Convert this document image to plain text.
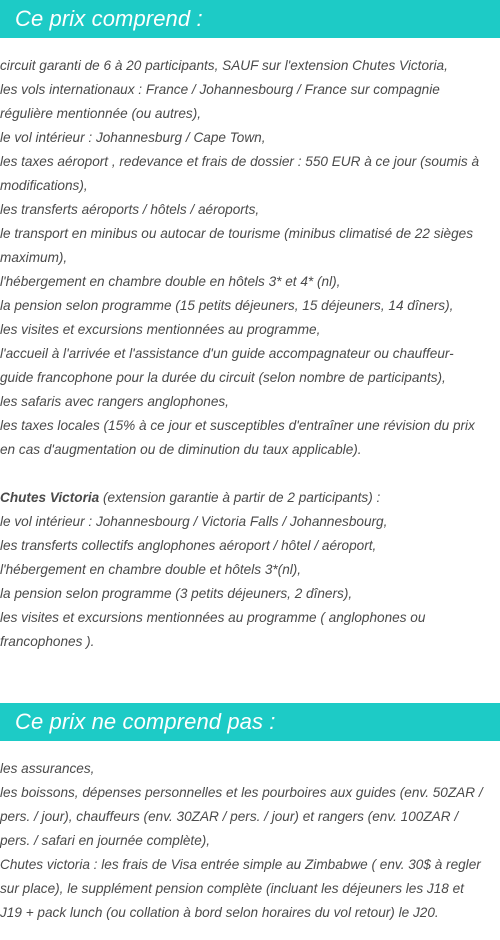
Ce prix comprend :
circuit garanti de 6 à 20 participants, SAUF sur l'extension Chutes Victoria,
les vols internationaux : France / Johannesbourg / France sur compagnie
régulière mentionnée (ou autres),
le vol intérieur : Johannesburg / Cape Town,
les taxes aéroport , redevance et frais de dossier : 550 EUR à ce jour (soumis à
modifications),
les transferts aéroports / hôtels / aéroports,
le transport en minibus ou autocar de tourisme (minibus climatisé de 22 sièges
maximum),
l'hébergement en chambre double en hôtels 3* et 4* (nl),
la pension selon programme (15 petits déjeuners, 15 déjeuners, 14 dîners),
les visites et excursions mentionnées au programme,
l'accueil à l'arrivée et l'assistance d'un guide accompagnateur ou chauffeur-
guide francophone pour la durée du circuit (selon nombre de participants),
les safaris avec rangers anglophones,
les taxes locales (15% à ce jour et susceptibles d'entraîner une révision du prix
en cas d'augmentation ou de diminution du taux applicable).
Chutes Victoria (extension garantie à partir de 2 participants) :
le vol intérieur : Johannesbourg / Victoria Falls / Johannesbourg,
les transferts collectifs anglophones aéroport / hôtel / aéroport,
l'hébergement en chambre double et hôtels 3*(nl),
la pension selon programme (3 petits déjeuners, 2 dîners),
les visites et excursions mentionnées au programme ( anglophones ou
francophones ).
Ce prix ne comprend pas :
les assurances,
les boissons, dépenses personnelles et les pourboires aux guides (env. 50ZAR /
pers. / jour), chauffeurs (env. 30ZAR / pers. / jour) et rangers (env. 100ZAR /
pers. / safari en journée complète),
Chutes victoria : les frais de Visa entrée simple au Zimbabwe ( env. 30$ à regler
sur place), le supplément pension complète (incluant les déjeuners les J18 et
J19 + pack lunch (ou collation à bord selon horaires du vol retour) le J20.
